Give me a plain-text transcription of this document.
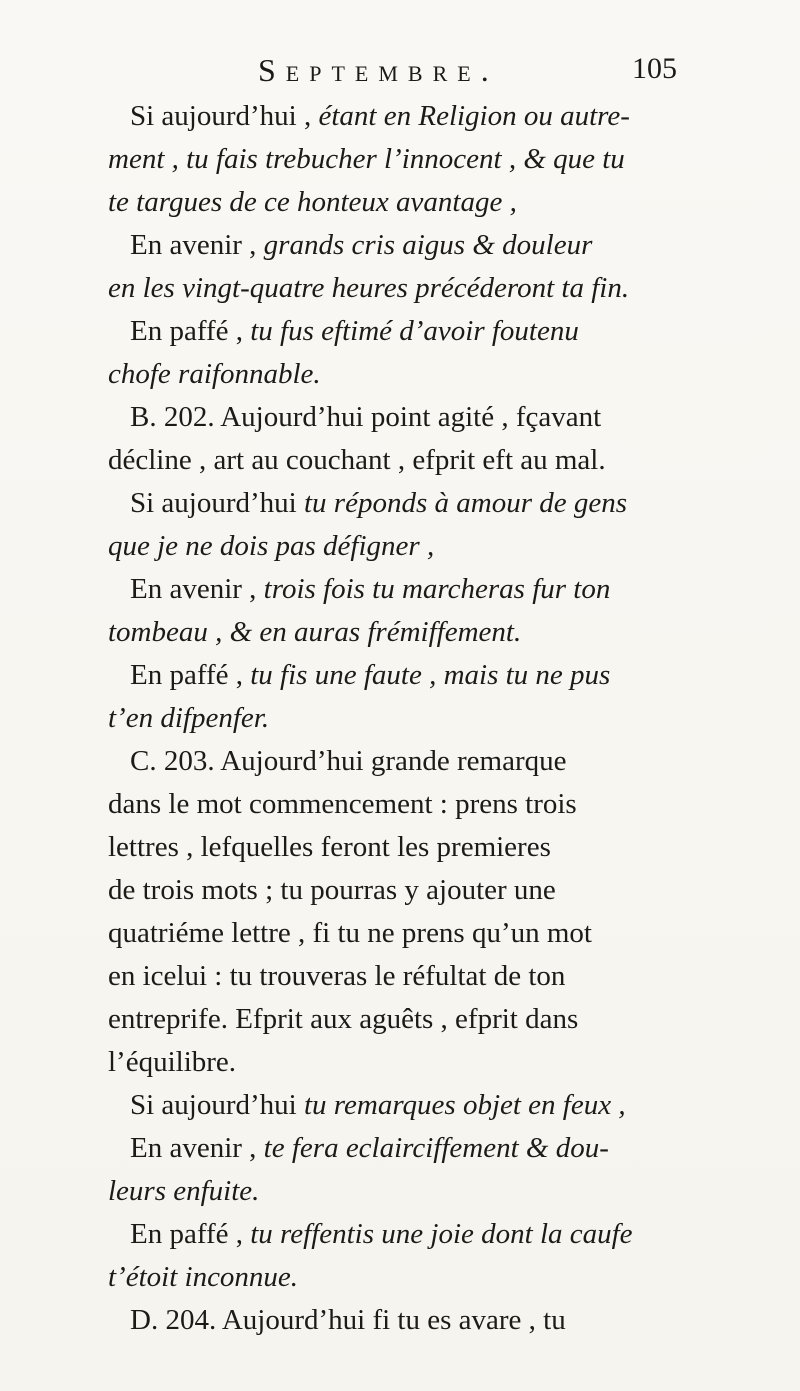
Septembre.	105
Si aujourd’hui , étant en Religion ou autre-
ment , tu fais trebucher l’innocent , & que tu
te targues de ce honteux avantage ,
En avenir , grands cris aigus & douleur
en les vingt-quatre heures précéderont ta fin.
En paffé , tu fus eftimé d’avoir foutenu
chofe raifonnable.
B. 202. Aujourd’hui point agité , fçavant
décline , art au couchant , efprit eft au mal.
Si aujourd’hui tu réponds à amour de gens
que je ne dois pas défigner ,
En avenir , trois fois tu marcheras fur ton
tombeau , & en auras frémiffement.
En paffé , tu fis une faute , mais tu ne pus
t’en difpenfer.
C. 203. Aujourd’hui grande remarque
dans le mot commencement : prens trois
lettres , lefquelles feront les premieres
de trois mots ; tu pourras y ajouter une
quatriéme lettre , fi tu ne prens qu’un mot
en icelui : tu trouveras le réfultat de ton
entreprife. Efprit aux aguêts , efprit dans
l’équilibre.
Si aujourd’hui tu remarques objet en feux ,
En avenir , te fera eclairciffement & dou-
leurs enfuite.
En paffé , tu reffentis une joie dont la caufe
t’étoit inconnue.
D. 204. Aujourd’hui fi tu es avare , tu
